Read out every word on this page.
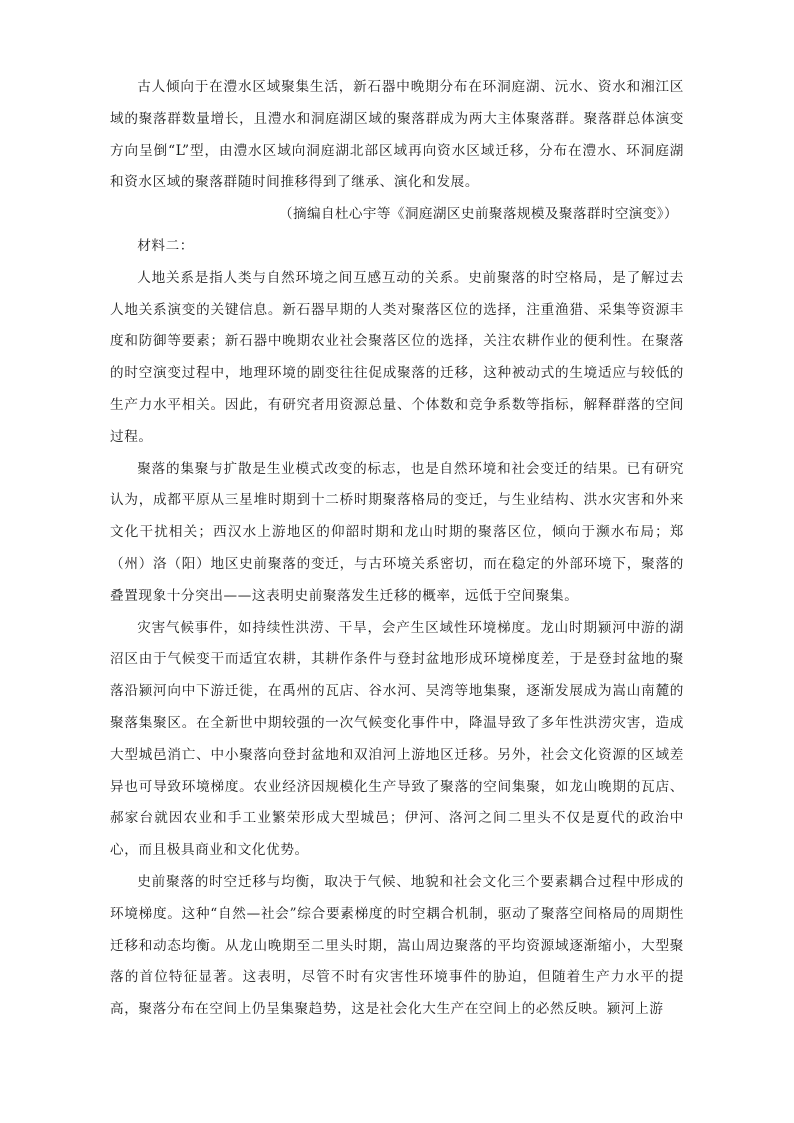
古人倾向于在澧水区域聚集生活，新石器中晚期分布在环洞庭湖、沅水、资水和湘江区域的聚落群数量增长，且澧水和洞庭湖区域的聚落群成为两大主体聚落群。聚落群总体演变方向呈倒“L”型，由澧水区域向洞庭湖北部区域再向资水区域迁移，分布在澧水、环洞庭湖和资水区域的聚落群随时间推移得到了继承、演化和发展。

（摘编自杜心宇等《洞庭湖区史前聚落规模及聚落群时空演变》）

材料二：

人地关系是指人类与自然环境之间互感互动的关系。史前聚落的时空格局，是了解过去人地关系演变的关键信息。新石器早期的人类对聚落区位的选择，注重渔猎、采集等资源丰度和防御等要素；新石器中晚期农业社会聚落区位的选择，关注农耕作业的便利性。在聚落的时空演变过程中，地理环境的剧变往往促成聚落的迁移，这种被动式的生境适应与较低的生产力水平相关。因此，有研究者用资源总量、个体数和竞争系数等指标，解释群落的空间过程。

聚落的集聚与扩散是生业模式改变的标志，也是自然环境和社会变迁的结果。已有研究认为，成都平原从三星堆时期到十二桥时期聚落格局的变迁，与生业结构、洪水灾害和外来文化干扰相关；西汉水上游地区的仰韶时期和龙山时期的聚落区位，倾向于濒水布局；郑（州）洛（阳）地区史前聚落的变迁，与古环境关系密切，而在稳定的外部环境下，聚落的叠置现象十分突出——这表明史前聚落发生迁移的概率，远低于空间聚集。

灾害气候事件，如持续性洪涝、干旱，会产生区域性环境梯度。龙山时期颍河中游的湖沼区由于气候变干而适宜农耕，其耕作条件与登封盆地形成环境梯度差，于是登封盆地的聚落沿颍河向中下游迁徙，在禹州的瓦店、谷水河、吴湾等地集聚，逐渐发展成为嵩山南麓的聚落集聚区。在全新世中期较强的一次气候变化事件中，降温导致了多年性洪涝灾害，造成大型城邑消亡、中小聚落向登封盆地和双洎河上游地区迁移。另外，社会文化资源的区域差异也可导致环境梯度。农业经济因规模化生产导致了聚落的空间集聚，如龙山晚期的瓦店、郝家台就因农业和手工业繁荣形成大型城邑；伊河、洛河之间二里头不仅是夏代的政治中心，而且极具商业和文化优势。

史前聚落的时空迁移与均衡，取决于气候、地貌和社会文化三个要素耦合过程中形成的环境梯度。这种“自然—社会”综合要素梯度的时空耦合机制，驱动了聚落空间格局的周期性迁移和动态均衡。从龙山晚期至二里头时期，嵩山周边聚落的平均资源域逐渐缩小，大型聚落的首位特征显著。这表明，尽管不时有灾害性环境事件的胁迫，但随着生产力水平的提高，聚落分布在空间上仍呈集聚趋势，这是社会化大生产在空间上的必然反映。颍河上游
